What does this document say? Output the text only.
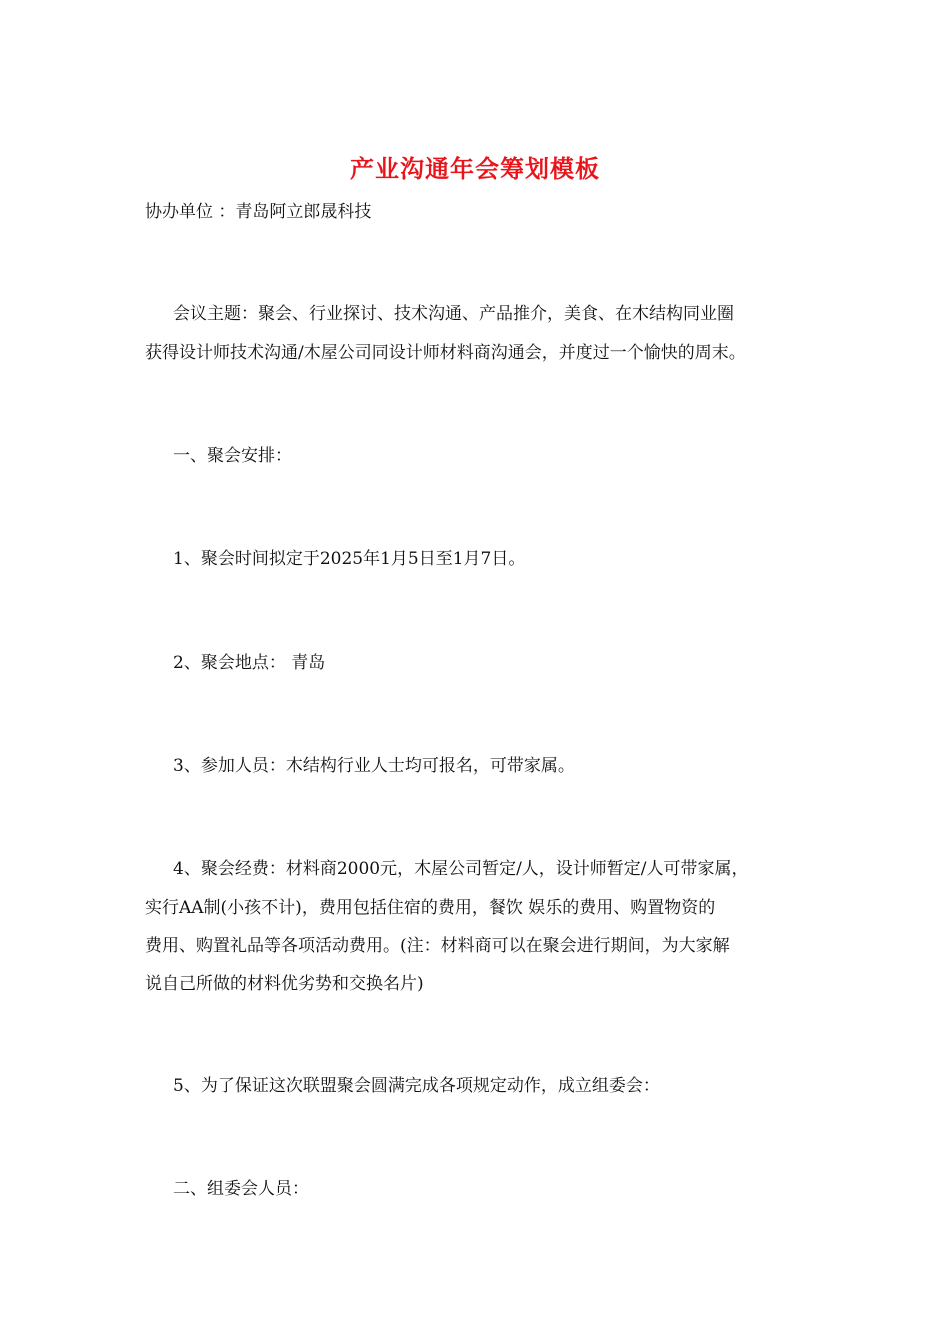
产业沟通年会筹划模板
协办单位 ：青岛阿立郎晟科技
会议主题：聚会、行业探讨、技术沟通、产品推介，美食、在木结构同业圈
获得设计师技术沟通/木屋公司同设计师材料商沟通会，并度过一个愉快的周末。
一、聚会安排：
1、聚会时间拟定于2025年1月5日至1月7日。
2、聚会地点： 青岛
3、参加人员：木结构行业人士均可报名，可带家属。
4、聚会经费：材料商2000元，木屋公司暂定/人，设计师暂定/人可带家属，
实行AA制(小孩不计)，费用包括住宿的费用，餐饮 娱乐的费用、购置物资的
费用、购置礼品等各项活动费用。(注：材料商可以在聚会进行期间，为大家解
说自己所做的材料优劣势和交换名片)
5、为了保证这次联盟聚会圆满完成各项规定动作，成立组委会：
二、组委会人员：
